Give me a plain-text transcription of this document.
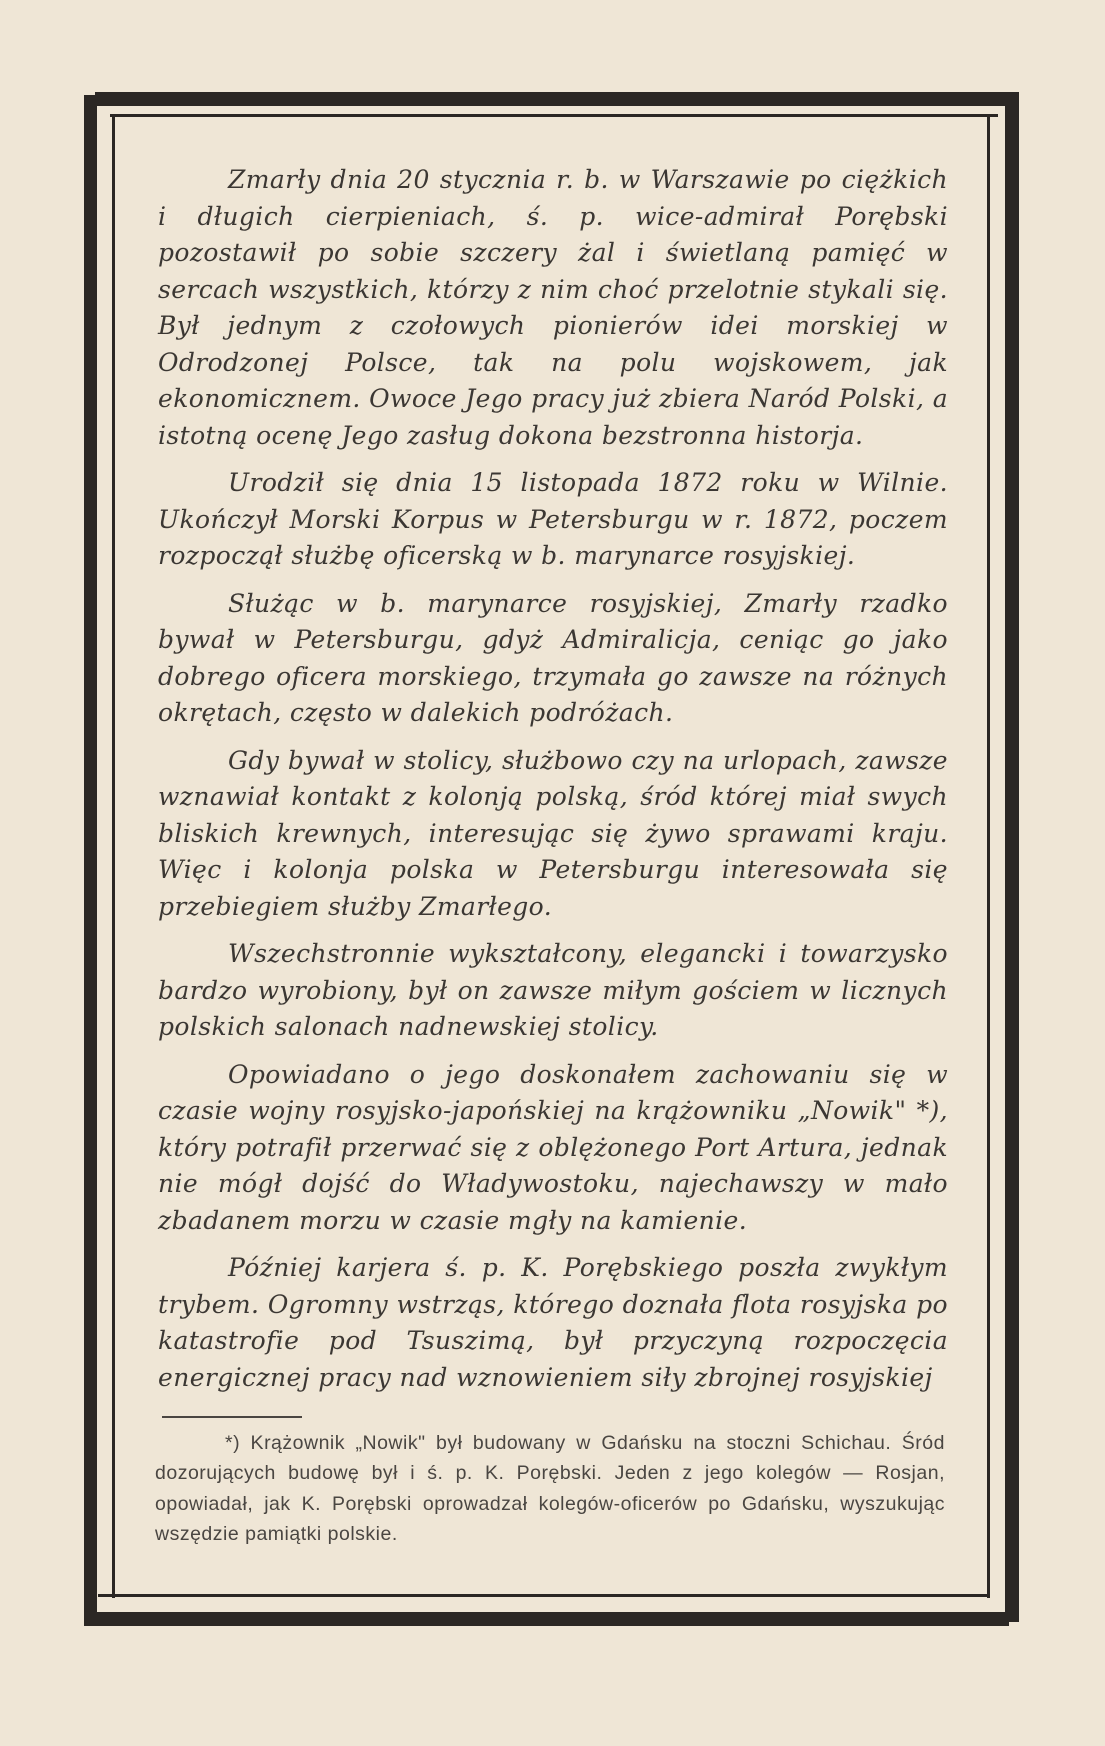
Zmarły dnia 20 stycznia r. b. w Warszawie po ciężkich i długich cierpieniach, ś. p. wice-admirał Porębski pozostawił po sobie szczery żal i świetlaną pamięć w sercach wszystkich, którzy z nim choć przelotnie stykali się. Był jednym z czołowych pionierów idei morskiej w Odrodzonej Polsce, tak na polu wojskowem, jak ekonomicznem. Owoce Jego pracy już zbiera Naród Polski, a istotną ocenę Jego zasług dokona bezstronna historja.

Urodził się dnia 15 listopada 1872 roku w Wilnie. Ukończył Morski Korpus w Petersburgu w r. 1872, poczem rozpoczął służbę oficerską w b. marynarce rosyjskiej.

Służąc w b. marynarce rosyjskiej, Zmarły rzadko bywał w Petersburgu, gdyż Admiralicja, ceniąc go jako dobrego oficera morskiego, trzymała go zawsze na różnych okrętach, często w dalekich podróżach.

Gdy bywał w stolicy, służbowo czy na urlopach, zawsze wznawiał kontakt z kolonją polską, śród której miał swych bliskich krewnych, interesując się żywo sprawami kraju. Więc i kolonja polska w Petersburgu interesowała się przebiegiem służby Zmarłego.

Wszechstronnie wykształcony, elegancki i towarzysko bardzo wyrobiony, był on zawsze miłym gościem w licznych polskich salonach nadnewskiej stolicy.

Opowiadano o jego doskonałem zachowaniu się w czasie wojny rosyjsko-japońskiej na krążowniku „Nowik" *), który potrafił przerwać się z oblężonego Port Artura, jednak nie mógł dojść do Władywostoku, najechawszy w mało zbadanem morzu w czasie mgły na kamienie.

Później karjera ś. p. K. Porębskiego poszła zwykłym trybem. Ogromny wstrząs, którego doznała flota rosyjska po katastrofie pod Tsuszimą, był przyczyną rozpoczęcia energicznej pracy nad wznowieniem siły zbrojnej rosyjskiej

*) Krążownik „Nowik" był budowany w Gdańsku na stoczni Schichau. Śród dozorujących budowę był i ś. p. K. Porębski. Jeden z jego kolegów — Rosjan, opowiadał, jak K. Porębski oprowadzał kolegów-oficerów po Gdańsku, wyszukując wszędzie pamiątki polskie.
